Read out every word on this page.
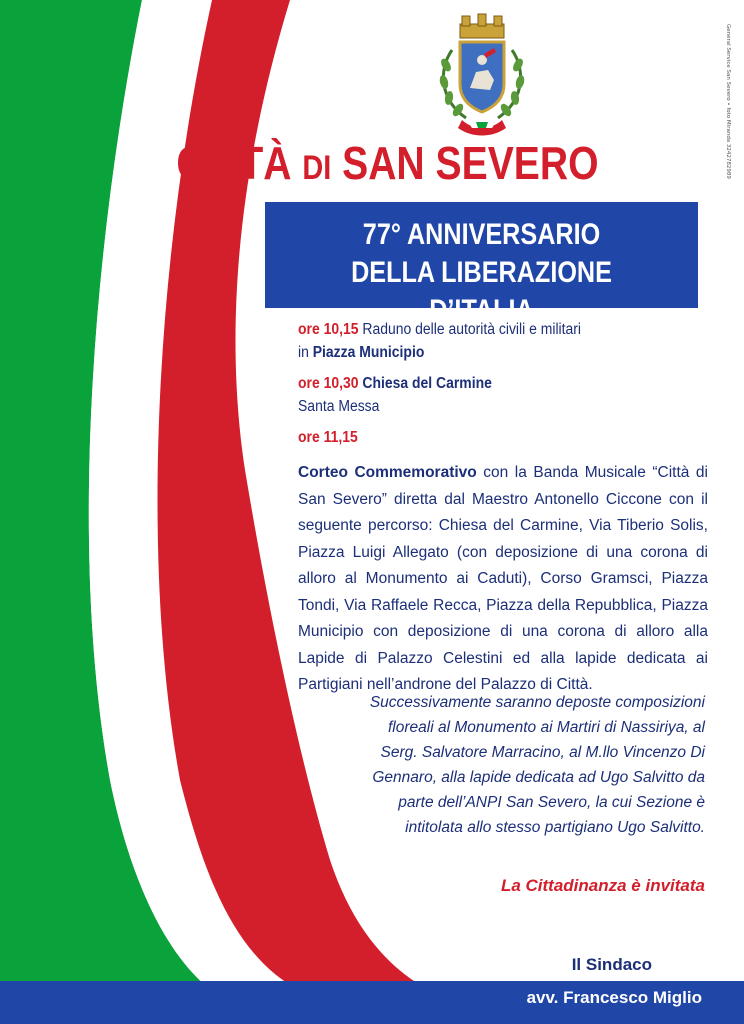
CITTÀ DI SAN SEVERO
77° ANNIVERSARIO
DELLA LIBERAZIONE D’ITALIA
ore 10,15 Raduno delle autorità civili e militari
in Piazza Municipio
ore 10,30 Chiesa del Carmine
Santa Messa
ore 11,15
Corteo Commemorativo con la Banda Musicale “Città di San Severo” diretta dal Maestro Antonello Ciccone con il seguente percorso: Chiesa del Carmine, Via Tiberio Solis, Piazza Luigi Allegato (con deposizione di una corona di alloro al Monumento ai Caduti), Corso Gramsci, Piazza Tondi, Via Raffaele Recca, Piazza della Repubblica, Piazza Municipio con deposizione di una corona di alloro alla Lapide di Palazzo Celestini ed alla lapide dedicata ai Partigiani nell’androne del Palazzo di Città.
Successivamente saranno deposte composizioni floreali al Monumento ai Martiri di Nassiriya, al Serg. Salvatore Marracino, al M.llo Vincenzo Di Gennaro, alla lapide dedicata ad Ugo Salvitto da parte dell’ANPI San Severo, la cui Sezione è intitolata allo stesso partigiano Ugo Salvitto.
La Cittadinanza è invitata
Il Sindaco
avv. Francesco Miglio
General Service San Severo • foto Miranda 3242782989
